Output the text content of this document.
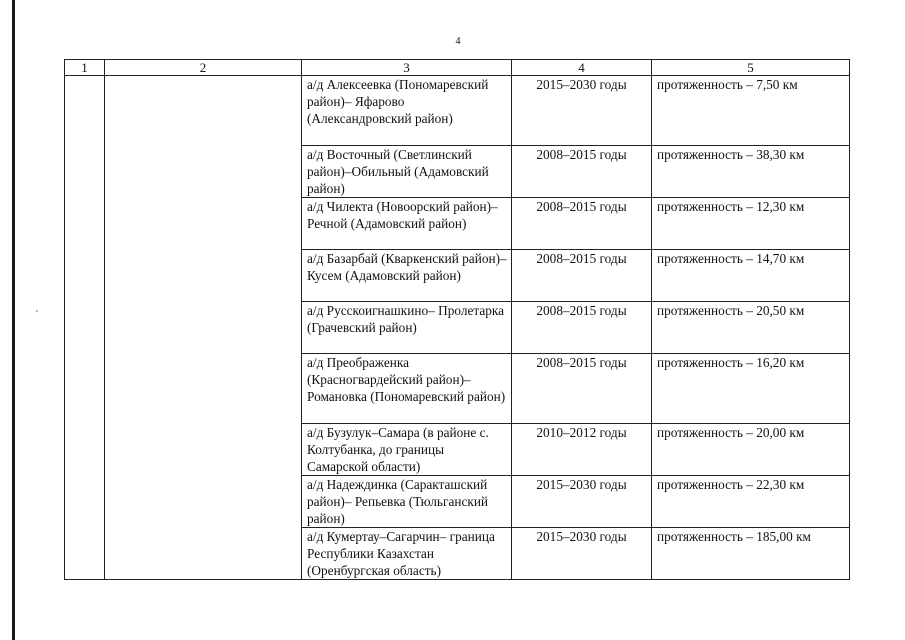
4
1	2	3	4	5
		а/д Алексеевка (Пономаревский район)– Яфарово (Александровский район)	2015–2030 годы	протяженность – 7,50 км
		а/д Восточный (Светлинский район)–Обильный (Адамовский район)	2008–2015 годы	протяженность – 38,30 км
		а/д Чилекта (Новоорский район)–Речной (Адамовский район)	2008–2015 годы	протяженность – 12,30 км
		а/д Базарбай (Кваркенский район)–Кусем (Адамовский район)	2008–2015 годы	протяженность – 14,70 км
		а/д Русскоигнашкино– Пролетарка (Грачевский район)	2008–2015 годы	протяженность – 20,50 км
		а/д Преображенка (Красногвардейский район)– Романовка (Пономаревский район)	2008–2015 годы	протяженность – 16,20 км
		а/д Бузулук–Самара (в районе с. Колтубанка, до границы Самарской области)	2010–2012 годы	протяженность – 20,00 км
		а/д Надеждинка (Саракташский район)– Репьевка (Тюльганский район)	2015–2030 годы	протяженность – 22,30 км
		а/д Кумертау–Сагарчин– граница Республики Казахстан (Оренбургская область)	2015–2030 годы	протяженность – 185,00 км
